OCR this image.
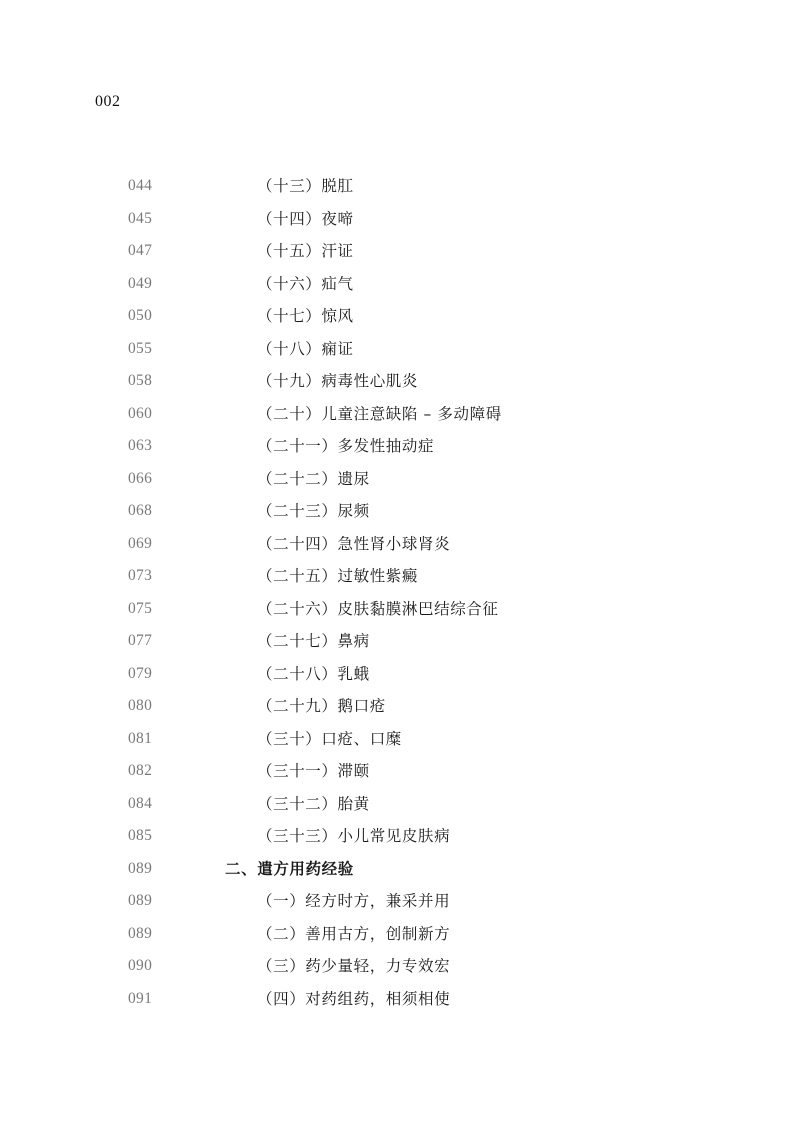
002
044	（十三）脱肛
045	（十四）夜啼
047	（十五）汗证
049	（十六）疝气
050	（十七）惊风
055	（十八）痫证
058	（十九）病毒性心肌炎
060	（二十）儿童注意缺陷 – 多动障碍
063	（二十一）多发性抽动症
066	（二十二）遗尿
068	（二十三）尿频
069	（二十四）急性肾小球肾炎
073	（二十五）过敏性紫癜
075	（二十六）皮肤黏膜淋巴结综合征
077	（二十七）鼻病
079	（二十八）乳蛾
080	（二十九）鹅口疮
081	（三十）口疮、口糜
082	（三十一）滞颐
084	（三十二）胎黄
085	（三十三）小儿常见皮肤病
089	二、遣方用药经验
089	（一）经方时方，兼采并用
089	（二）善用古方，创制新方
090	（三）药少量轻，力专效宏
091	（四）对药组药，相须相使
